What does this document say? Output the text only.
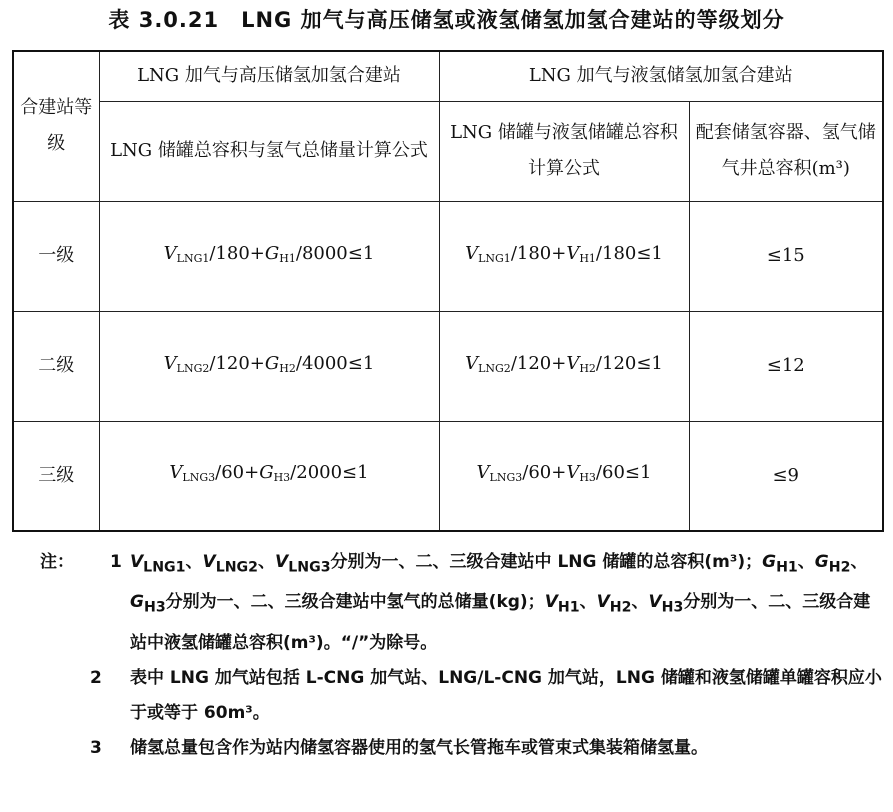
表 3.0.21　LNG 加气与高压储氢或液氢储氢加氢合建站的等级划分
合建站等级	LNG 加气与高压储氢加氢合建站	LNG 加气与液氢储氢加氢合建站	
	LNG 储罐总容积与氢气总储量计算公式	LNG 储罐与液氢储罐总容积计算公式	配套储氢容器、氢气储气井总容积(m³)
一级	$V_{LNG1}/180+G_{H1}/8000\le 1$	$V_{LNG1}/180+V_{H1}/180\le 1$	≤15
二级	$V_{LNG2}/120+G_{H2}/4000\le 1$	$V_{LNG2}/120+V_{H2}/120\le 1$	≤12
三级	$V_{LNG3}/60+G_{H3}/2000\le 1$	$V_{LNG3}/60+V_{H3}/60\le 1$	≤9
注：	1 $V_{LNG1}$、$V_{LNG2}$、$V_{LNG3}$分别为一、二、三级合建站中 LNG 储罐的总容积(m³)；$G_{H1}$、$G_{H2}$、$G_{H3}$分别为一、二、三级合建站中氢气的总储量(kg)；$V_{H1}$、$V_{H2}$、$V_{H3}$分别为一、二、三级合建站中液氢储罐总容积(m³)。“/”为除号。
2	表中 LNG 加气站包括 L-CNG 加气站、LNG/L-CNG 加气站，LNG 储罐和液氢储罐单罐容积应小于或等于 60m³。
3	储氢总量包含作为站内储氢容器使用的氢气长管拖车或管束式集装箱储氢量。
